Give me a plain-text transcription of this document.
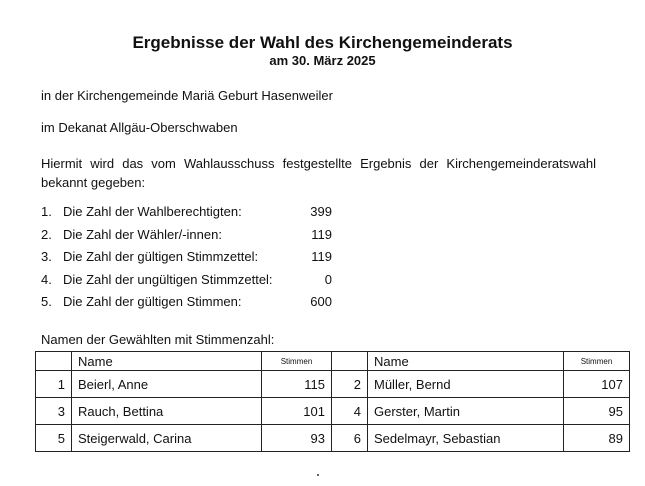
Ergebnisse der Wahl des Kirchengemeinderats
am 30. März 2025
in der Kirchengemeinde Mariä Geburt Hasenweiler
im Dekanat Allgäu-Oberschwaben
Hiermit wird das vom Wahlausschuss festgestellte Ergebnis der Kirchengemeinderatswahl bekannt gegeben:
1. Die Zahl der Wahlberechtigten:	399
2. Die Zahl der Wähler/-innen:	119
3. Die Zahl der gültigen Stimmzettel:	119
4. Die Zahl der ungültigen Stimmzettel:	0
5. Die Zahl der gültigen Stimmen:	600
Namen der Gewählten mit Stimmenzahl:
	Name	Stimmen		Name	Stimmen
1	Beierl, Anne	115	2	Müller, Bernd	107
3	Rauch, Bettina	101	4	Gerster, Martin	95
5	Steigerwald, Carina	93	6	Sedelmayr, Sebastian	89
